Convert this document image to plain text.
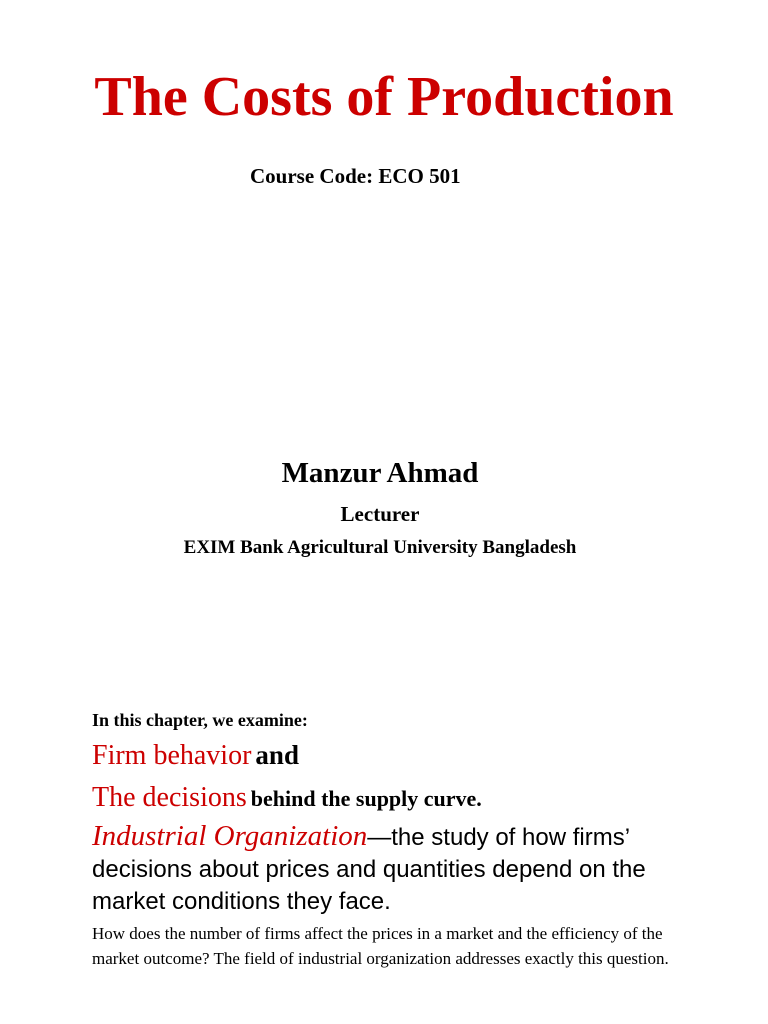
The Costs of Production
Course Code: ECO 501
Manzur Ahmad
Lecturer
EXIM Bank Agricultural University Bangladesh
In this chapter, we examine:
Firm behavior and
The decisions behind the supply curve.
Industrial Organization—the study of how firms’ decisions about prices and quantities depend on the market conditions they face.
How does the number of firms affect the prices in a market and the efficiency of the market outcome? The field of industrial organization addresses exactly this question.
